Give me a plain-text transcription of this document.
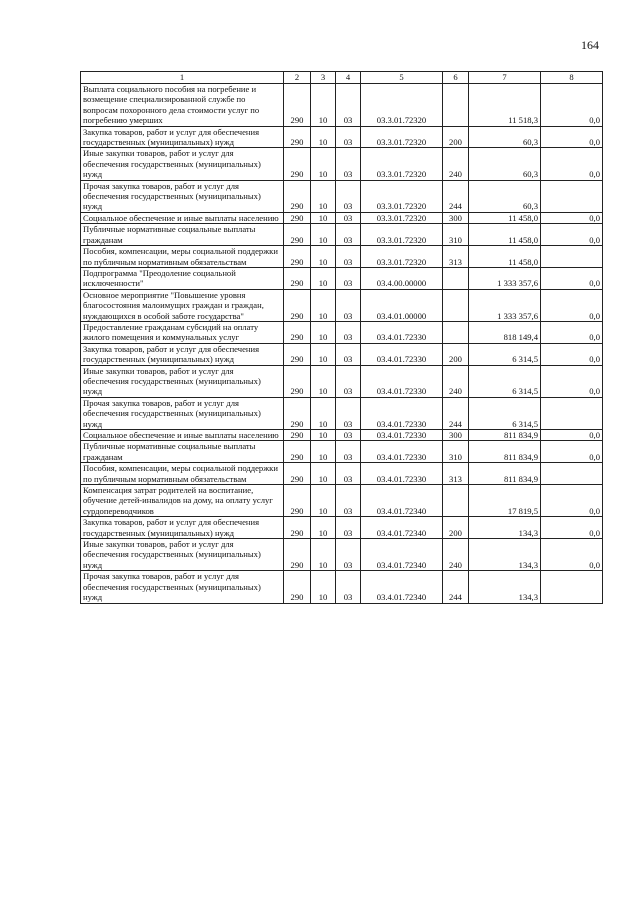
164
1	2	3	4	5	6	7	8
Выплата социального пособия на погребение и возмещение специализированной службе по вопросам похоронного дела стоимости услуг по погребению умерших	290	10	03	03.3.01.72320		11 518,3	0,0
Закупка товаров, работ и услуг для обеспечения государственных (муниципальных) нужд	290	10	03	03.3.01.72320	200	60,3	0,0
Иные закупки товаров, работ и услуг для обеспечения государственных (муниципальных) нужд	290	10	03	03.3.01.72320	240	60,3	0,0
Прочая закупка товаров, работ и услуг для обеспечения государственных (муниципальных) нужд	290	10	03	03.3.01.72320	244	60,3	
Социальное обеспечение и иные выплаты населению	290	10	03	03.3.01.72320	300	11 458,0	0,0
Публичные нормативные социальные выплаты гражданам	290	10	03	03.3.01.72320	310	11 458,0	0,0
Пособия, компенсации, меры социальной поддержки по публичным нормативным обязательствам	290	10	03	03.3.01.72320	313	11 458,0	
Подпрограмма "Преодоление социальной исключенности"	290	10	03	03.4.00.00000		1 333 357,6	0,0
Основное мероприятие "Повышение уровня благосостояния малоимущих граждан и граждан, нуждающихся в особой заботе государства"	290	10	03	03.4.01.00000		1 333 357,6	0,0
Предоставление гражданам субсидий на оплату жилого помещения и коммунальных услуг	290	10	03	03.4.01.72330		818 149,4	0,0
Закупка товаров, работ и услуг для обеспечения государственных (муниципальных) нужд	290	10	03	03.4.01.72330	200	6 314,5	0,0
Иные закупки товаров, работ и услуг для обеспечения государственных (муниципальных) нужд	290	10	03	03.4.01.72330	240	6 314,5	0,0
Прочая закупка товаров, работ и услуг для обеспечения государственных (муниципальных) нужд	290	10	03	03.4.01.72330	244	6 314,5	
Социальное обеспечение и иные выплаты населению	290	10	03	03.4.01.72330	300	811 834,9	0,0
Публичные нормативные социальные выплаты гражданам	290	10	03	03.4.01.72330	310	811 834,9	0,0
Пособия, компенсации, меры социальной поддержки по публичным нормативным обязательствам	290	10	03	03.4.01.72330	313	811 834,9	
Компенсация затрат родителей на воспитание, обучение детей-инвалидов на дому, на оплату услуг сурдопереводчиков	290	10	03	03.4.01.72340		17 819,5	0,0
Закупка товаров, работ и услуг для обеспечения государственных (муниципальных) нужд	290	10	03	03.4.01.72340	200	134,3	0,0
Иные закупки товаров, работ и услуг для обеспечения государственных (муниципальных) нужд	290	10	03	03.4.01.72340	240	134,3	0,0
Прочая закупка товаров, работ и услуг для обеспечения государственных (муниципальных) нужд	290	10	03	03.4.01.72340	244	134,3	
